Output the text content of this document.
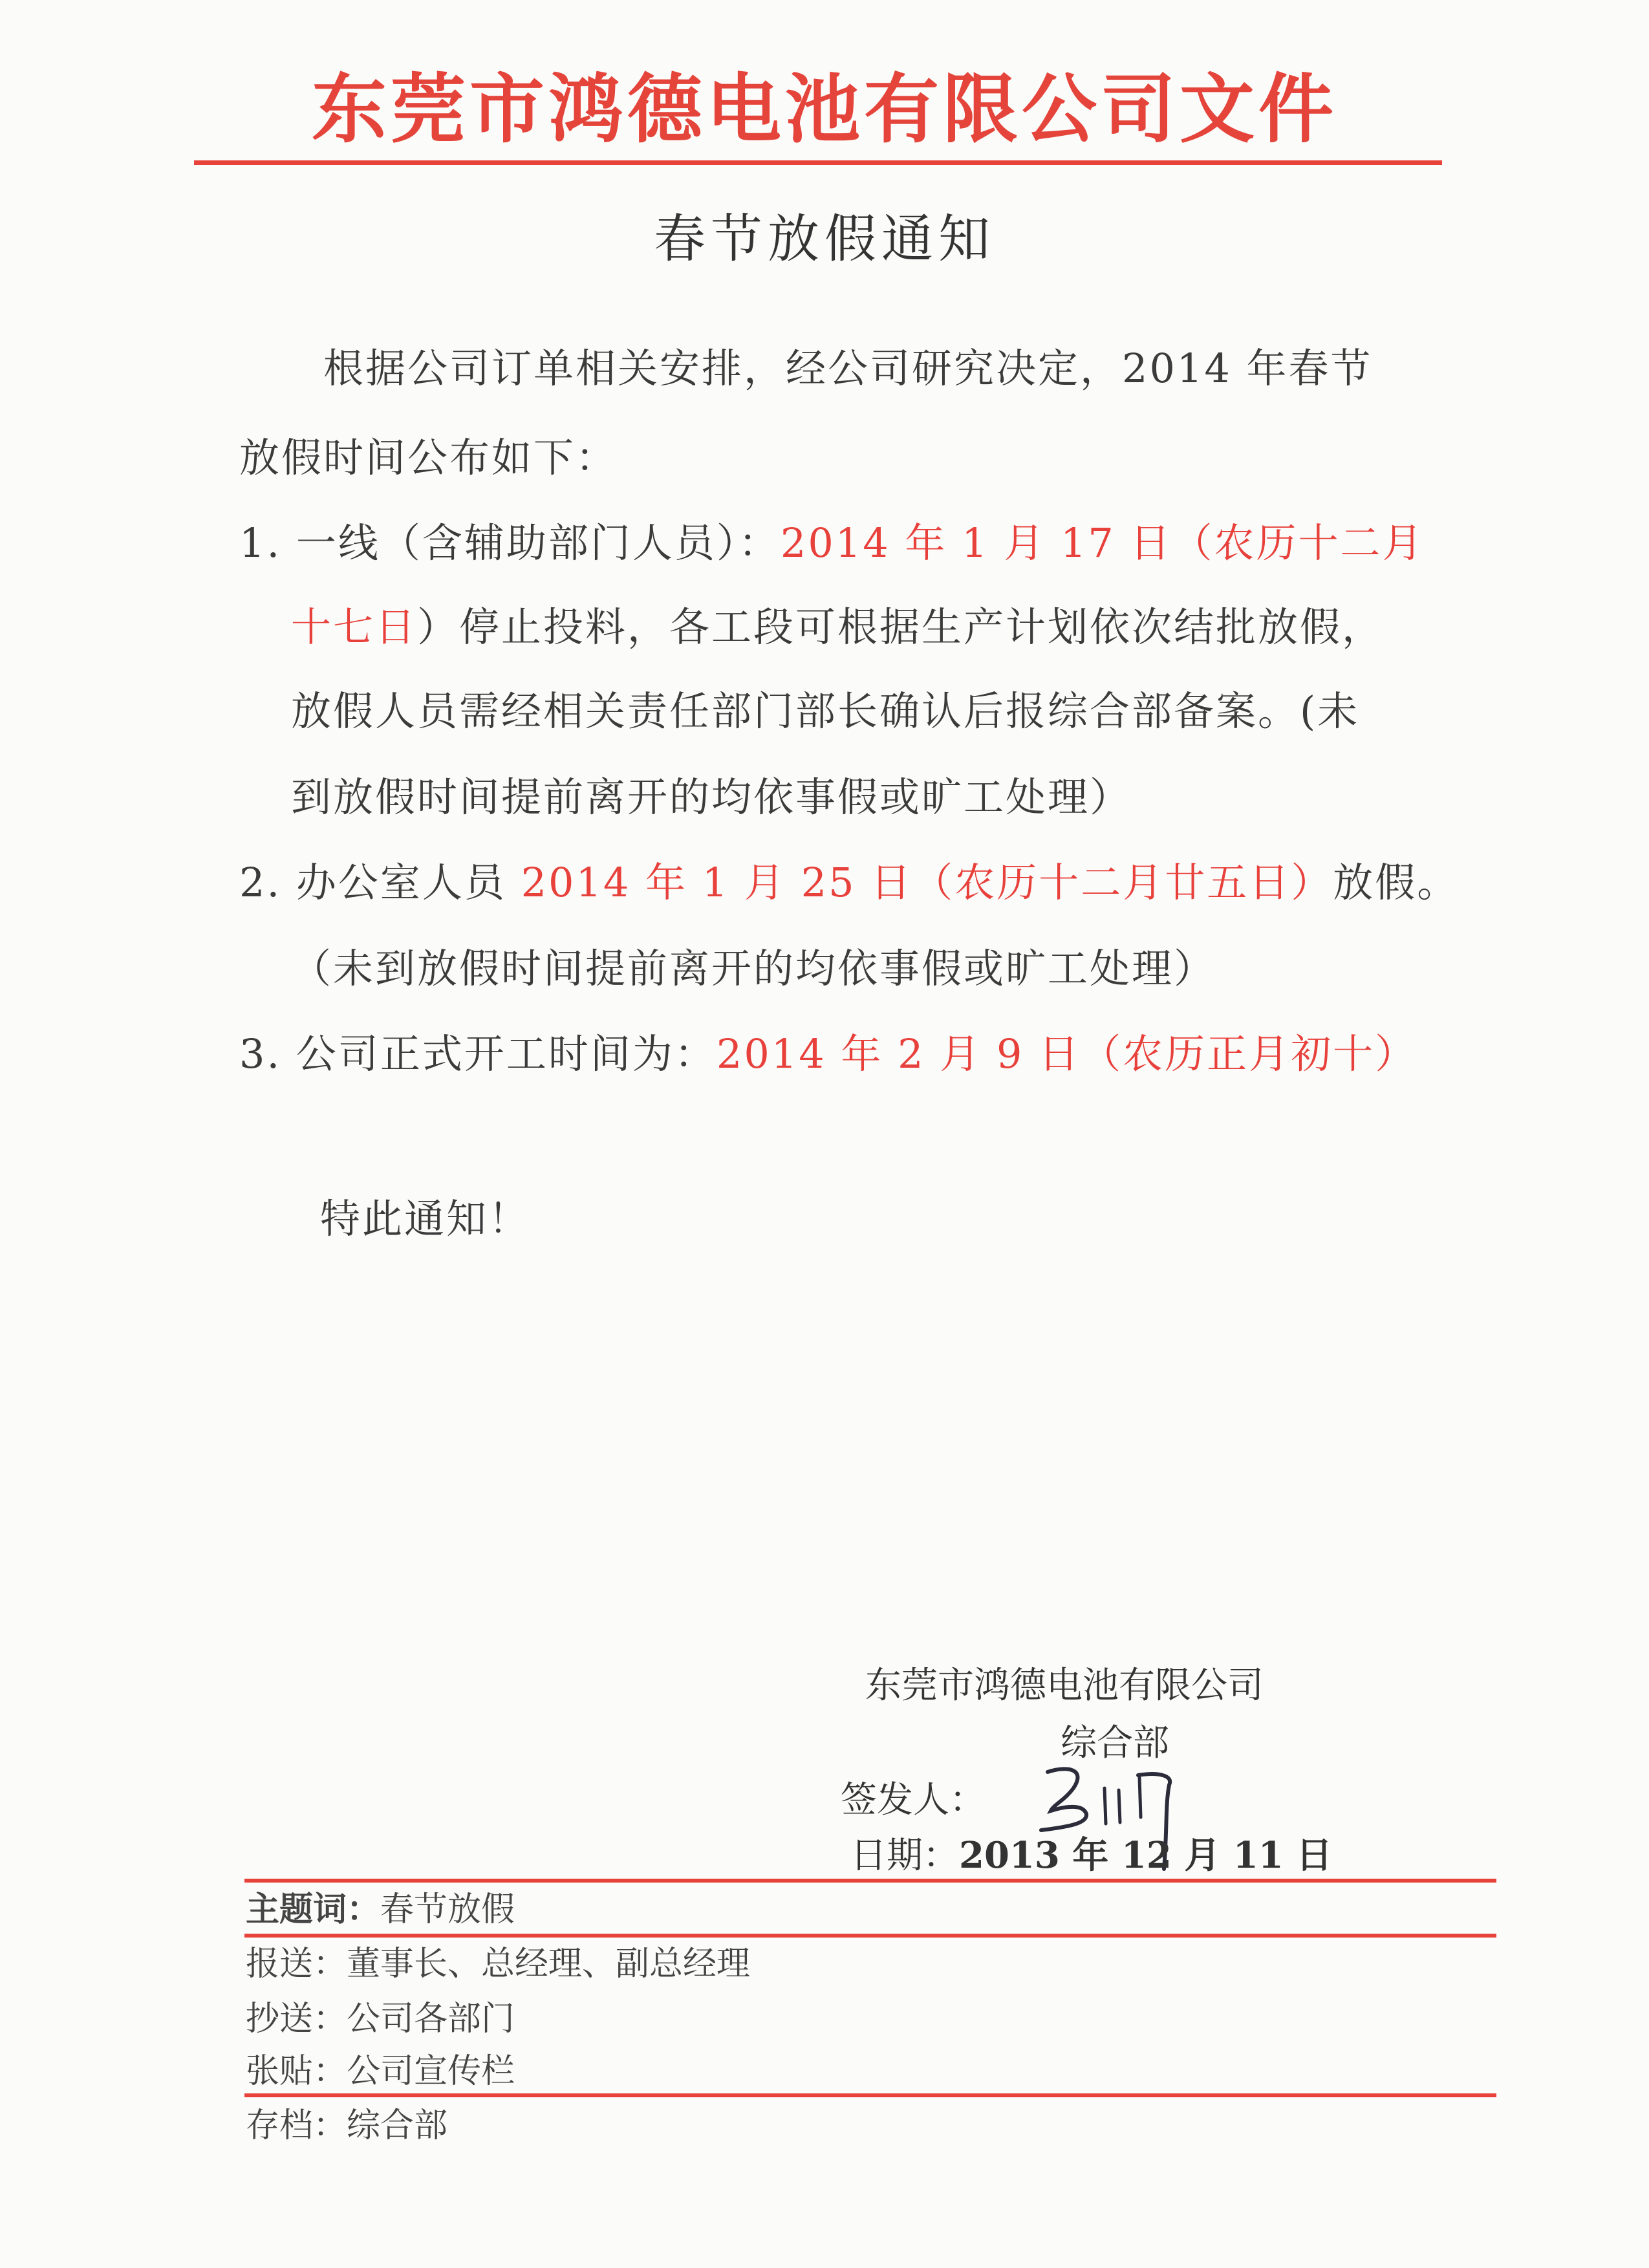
东莞市鸿德电池有限公司文件
春节放假通知
根据公司订单相关安排，经公司研究决定，2014 年春节
放假时间公布如下：
1. 一线（含辅助部门人员）：2014 年 1 月 17 日（农历十二月
十七日）停止投料，各工段可根据生产计划依次结批放假，
放假人员需经相关责任部门部长确认后报综合部备案。(未
到放假时间提前离开的均依事假或旷工处理）
2. 办公室人员 2014 年 1 月 25 日（农历十二月廿五日）放假。
（未到放假时间提前离开的均依事假或旷工处理）
3. 公司正式开工时间为：2014 年 2 月 9 日（农历正月初十）
特此通知！
东莞市鸿德电池有限公司
综合部
签发人：
日期：2013 年 12 月 11 日
主题词：春节放假
报送：董事长、总经理、副总经理
抄送：公司各部门
张贴：公司宣传栏
存档：综合部
